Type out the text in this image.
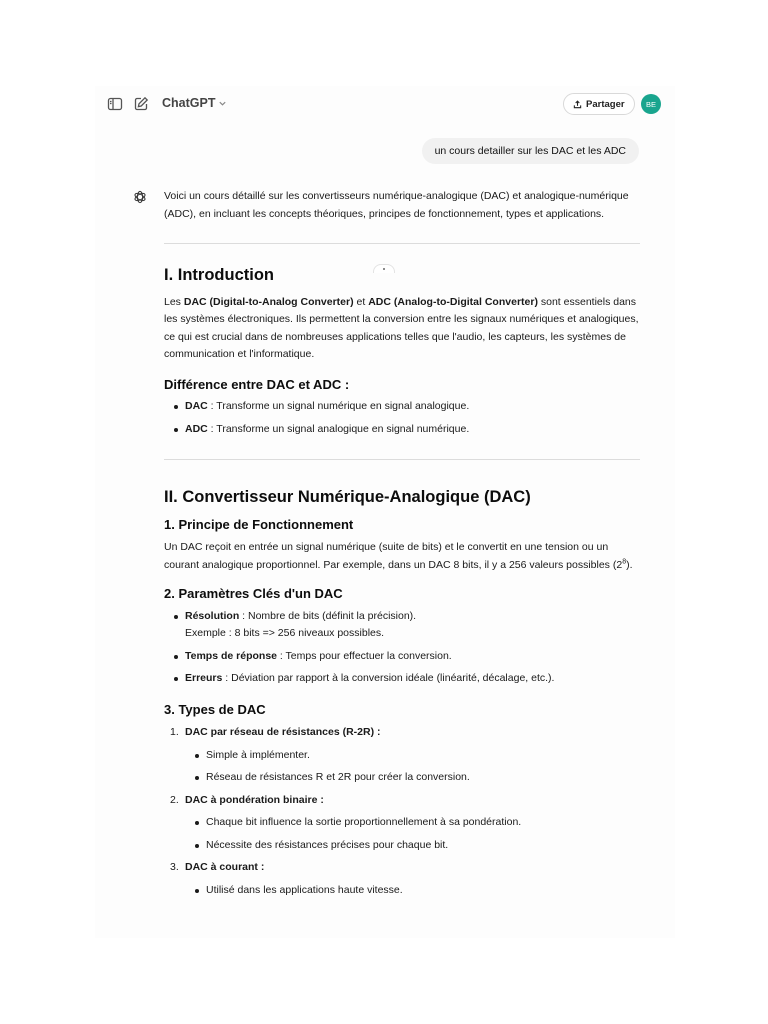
ChatGPT	Partager	BE
un cours detailler sur les DAC et les ADC

Voici un cours détaillé sur les convertisseurs numérique-analogique (DAC) et analogique-numérique (ADC), en incluant les concepts théoriques, principes de fonctionnement, types et applications.

I. Introduction

Les DAC (Digital-to-Analog Converter) et ADC (Analog-to-Digital Converter) sont essentiels dans les systèmes électroniques. Ils permettent la conversion entre les signaux numériques et analogiques, ce qui est crucial dans de nombreuses applications telles que l'audio, les capteurs, les systèmes de communication et l'informatique.

Différence entre DAC et ADC :
DAC : Transforme un signal numérique en signal analogique.
ADC : Transforme un signal analogique en signal numérique.
II. Convertisseur Numérique-Analogique (DAC)
1. Principe de Fonctionnement

Un DAC reçoit en entrée un signal numérique (suite de bits) et le convertit en une tension ou un courant analogique proportionnel. Par exemple, dans un DAC 8 bits, il y a 256 valeurs possibles $(2^8)$.

2. Paramètres Clés d'un DAC
Résolution : Nombre de bits (définit la précision).
Exemple : 8 bits => 256 niveaux possibles.
Temps de réponse : Temps pour effectuer la conversion.
Erreurs : Déviation par rapport à la conversion idéale (linéarité, décalage, etc.).
3. Types de DAC
1. DAC par réseau de résistances (R-2R) :
Simple à implémenter.
Réseau de résistances R et 2R pour créer la conversion.
2. DAC à pondération binaire :
Chaque bit influence la sortie proportionnellement à sa pondération.
Nécessite des résistances précises pour chaque bit.
3. DAC à courant :
Utilisé dans les applications haute vitesse.
